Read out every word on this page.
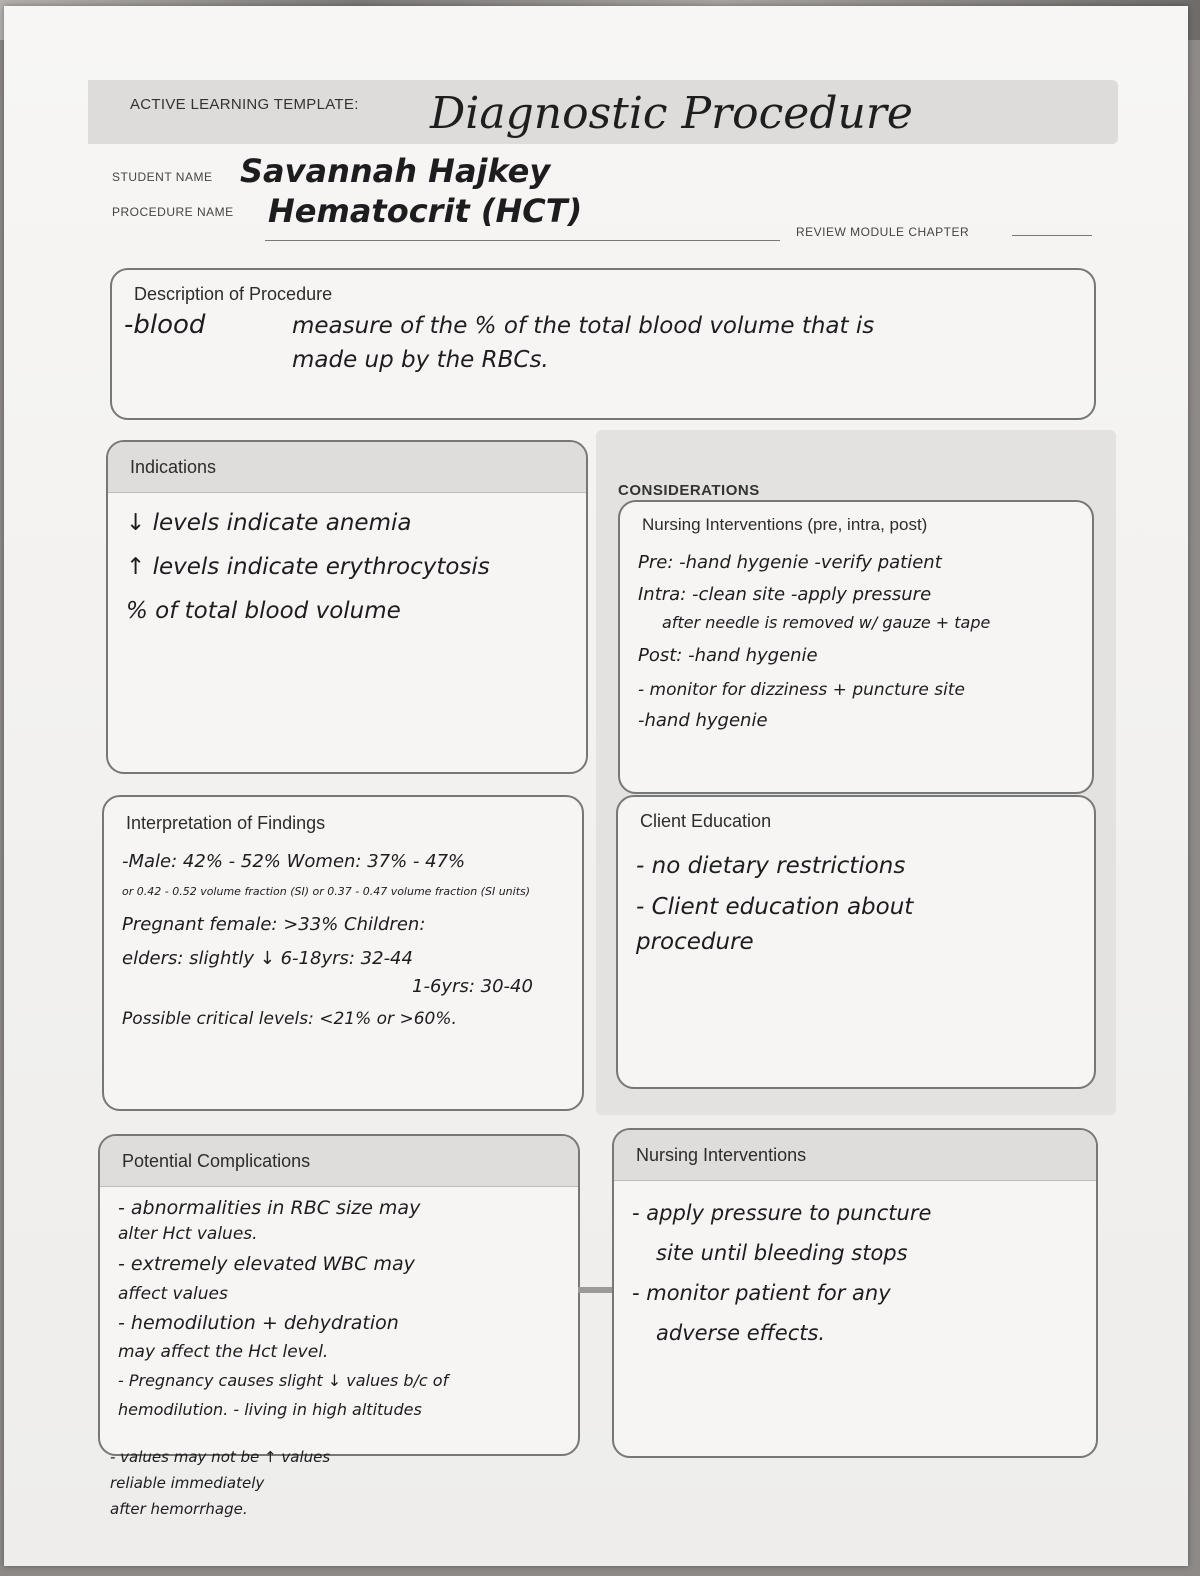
ACTIVE LEARNING TEMPLATE: Diagnostic Procedure
STUDENT NAME Savannah Hajkey
PROCEDURE NAME Hematocrit (HCT)
REVIEW MODULE CHAPTER
Description of Procedure
-blood	measure of the % of the total blood volume that is
made up by the RBCs.
Indications
↓ levels indicate anemia
↑ levels indicate erythrocytosis
% of total blood volume
CONSIDERATIONS
Nursing Interventions (pre, intra, post)
Pre: -hand hygenie -verify patient
Intra: -clean site -apply pressure
after needle is removed w/ gauze + tape
Post: -hand hygenie
- monitor for dizziness + puncture site
-hand hygenie
Interpretation of Findings
-Male: 42% - 52% Women: 37% - 47%
or 0.42 - 0.52 volume fraction (SI) or 0.37 - 0.47 volume fraction (SI units)
Pregnant female: >33% Children:
elders: slightly ↓ 6-18yrs: 32-44
1-6yrs: 30-40
Possible critical levels: <21% or >60%.
Client Education
- no dietary restrictions
- Client education about
procedure
Potential Complications
- abnormalities in RBC size may
alter Hct values.
- extremely elevated WBC may
affect values
- hemodilution + dehydration
may affect the Hct level.
- Pregnancy causes slight ↓ values b/c of
hemodilution. - living in high altitudes
- values may not be ↑ values
reliable immediately
after hemorrhage.
Nursing Interventions
- apply pressure to puncture
site until bleeding stops
- monitor patient for any
adverse effects.
